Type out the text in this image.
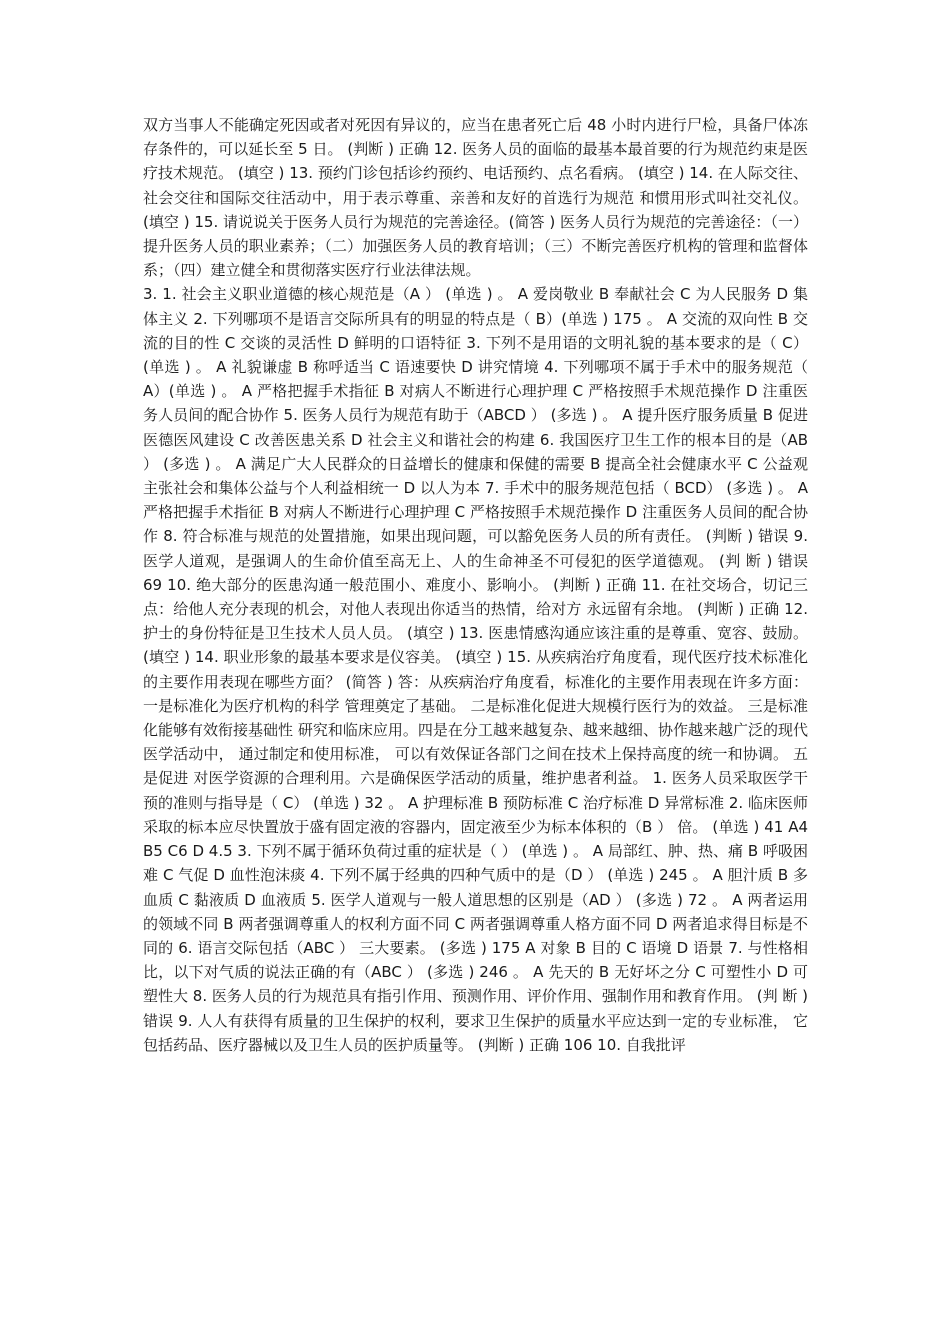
双方当事人不能确定死因或者对死因有异议的，应当在患者死亡后 48 小时内进行尸检，具备尸体冻存条件的，可以延长至 5 日。 (判断 ) 正确 12. 医务人员的面临的最基本最首要的行为规范约束是医疗技术规范。 (填空 ) 13. 预约门诊包括诊约预约、电话预约、点名看病。 (填空 ) 14. 在人际交往、社会交往和国际交往活动中，用于表示尊重、亲善和友好的首选行为规范 和惯用形式叫社交礼仪。 (填空 ) 15. 请说说关于医务人员行为规范的完善途径。(简答 ) 医务人员行为规范的完善途径：（一）提升医务人员的职业素养；（二）加强医务人员的教育培训；（三）不断完善医疗机构的管理和监督体系；（四）建立健全和贯彻落实医疗行业法律法规。

3. 1. 社会主义职业道德的核心规范是（A ） (单选 ) 。 A 爱岗敬业 B 奉献社会 C 为人民服务 D 集体主义 2. 下列哪项不是语言交际所具有的明显的特点是（ B）(单选 ) 175 。 A 交流的双向性 B 交流的目的性 C 交谈的灵活性 D 鲜明的口语特征 3. 下列不是用语的文明礼貌的基本要求的是（ C） (单选 ) 。 A 礼貌谦虚 B 称呼适当 C 语速要快 D 讲究情境 4. 下列哪项不属于手术中的服务规范（ A）(单选 ) 。 A 严格把握手术指征 B 对病人不断进行心理护理 C 严格按照手术规范操作 D 注重医务人员间的配合协作 5. 医务人员行为规范有助于（ABCD ） (多选 ) 。 A 提升医疗服务质量 B 促进医德医风建设 C 改善医患关系 D 社会主义和谐社会的构建 6. 我国医疗卫生工作的根本目的是（AB ） (多选 ) 。 A 满足广大人民群众的日益增长的健康和保健的需要 B 提高全社会健康水平 C 公益观主张社会和集体公益与个人利益相统一 D 以人为本 7. 手术中的服务规范包括（ BCD） (多选 ) 。 A 严格把握手术指征 B 对病人不断进行心理护理 C 严格按照手术规范操作 D 注重医务人员间的配合协作 8. 符合标准与规范的处置措施，如果出现问题，可以豁免医务人员的所有责任。 (判断 ) 错误 9. 医学人道观，是强调人的生命价值至高无上、人的生命神圣不可侵犯的医学道德观。 (判 断 ) 错误 69 10. 绝大部分的医患沟通一般范围小、难度小、影响小。 (判断 ) 正确 11. 在社交场合，切记三点：给他人充分表现的机会，对他人表现出你适当的热情，给对方 永远留有余地。 (判断 ) 正确 12. 护士的身份特征是卫生技术人员人员。 (填空 ) 13. 医患情感沟通应该注重的是尊重、宽容、鼓励。 (填空 ) 14. 职业形象的最基本要求是仪容美。 (填空 ) 15. 从疾病治疗角度看，现代医疗技术标准化的主要作用表现在哪些方面？ (简答 ) 答：从疾病治疗角度看，标准化的主要作用表现在许多方面：一是标准化为医疗机构的科学 管理奠定了基础。 二是标准化促进大规模行医行为的效益。 三是标准化能够有效衔接基础性 研究和临床应用。四是在分工越来越复杂、越来越细、协作越来越广泛的现代医学活动中， 通过制定和使用标准， 可以有效保证各部门之间在技术上保持高度的统一和协调。 五是促进 对医学资源的合理利用。六是确保医学活动的质量，维护患者利益。 1. 医务人员采取医学干预的准则与指导是（ C） (单选 ) 32 。 A 护理标准 B 预防标准 C 治疗标准 D 异常标准 2. 临床医师采取的标本应尽快置放于盛有固定液的容器内，固定液至少为标本体积的（B ） 倍。 (单选 ) 41 A4 B5 C6 D 4.5 3. 下列不属于循环负荷过重的症状是（ ） (单选 ) 。 A 局部红、肿、热、痛 B 呼吸困难 C 气促 D 血性泡沫痰 4. 下列不属于经典的四种气质中的是（D ） (单选 ) 245 。 A 胆汁质 B 多血质 C 黏液质 D 血液质 5. 医学人道观与一般人道思想的区别是（AD ） (多选 ) 72 。 A 两者运用的领域不同 B 两者强调尊重人的权利方面不同 C 两者强调尊重人格方面不同 D 两者追求得目标是不同的 6. 语言交际包括（ABC ） 三大要素。 (多选 ) 175 A 对象 B 目的 C 语境 D 语景 7. 与性格相比，以下对气质的说法正确的有（ABC ） (多选 ) 246 。 A 先天的 B 无好坏之分 C 可塑性小 D 可塑性大 8. 医务人员的行为规范具有指引作用、预测作用、评价作用、强制作用和教育作用。 (判 断 ) 错误 9. 人人有获得有质量的卫生保护的权利，要求卫生保护的质量水平应达到一定的专业标准， 它包括药品、医疗器械以及卫生人员的医护质量等。 (判断 ) 正确 106 10. 自我批评
